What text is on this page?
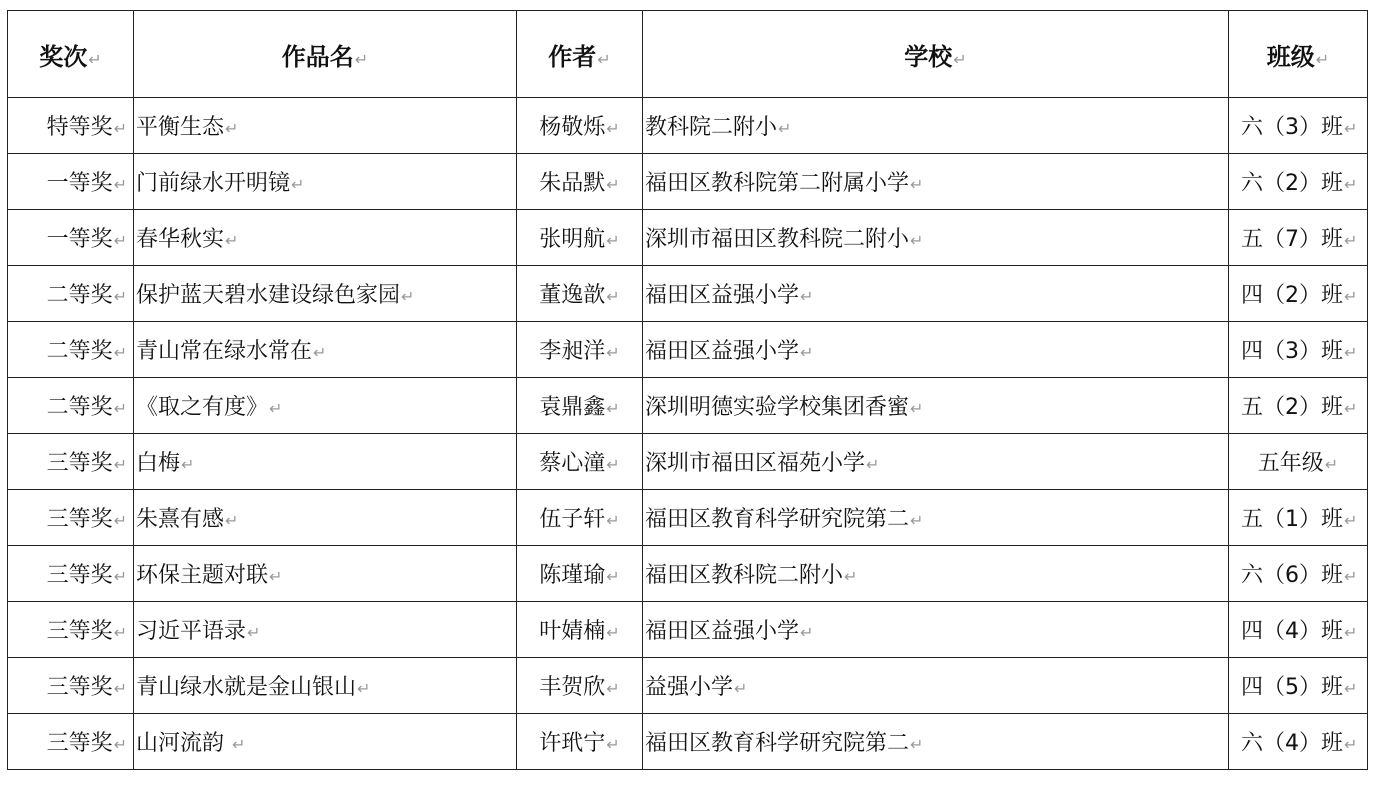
奖次↵	作品名↵	作者↵	学校↵	班级↵
特等奖↵	平衡生态↵	杨敬烁↵	教科院二附小↵	六（3）班↵
一等奖↵	门前绿水开明镜↵	朱品默↵	福田区教科院第二附属小学↵	六（2）班↵
一等奖↵	春华秋实↵	张明航↵	深圳市福田区教科院二附小↵	五（7）班↵
二等奖↵	保护蓝天碧水建设绿色家园↵	董逸歆↵	福田区益强小学↵	四（2）班↵
二等奖↵	青山常在绿水常在↵	李昶洋↵	福田区益强小学↵	四（3）班↵
二等奖↵	《取之有度》↵	袁鼎鑫↵	深圳明德实验学校集团香蜜↵	五（2）班↵
三等奖↵	白梅↵	蔡心潼↵	深圳市福田区福苑小学↵	五年级↵
三等奖↵	朱熹有感↵	伍子轩↵	福田区教育科学研究院第二↵	五（1）班↵
三等奖↵	环保主题对联↵	陈瑾瑜↵	福田区教科院二附小↵	六（6）班↵
三等奖↵	习近平语录↵	叶婧楠↵	福田区益强小学↵	四（4）班↵
三等奖↵	青山绿水就是金山银山↵	丰贺欣↵	益强小学↵	四（5）班↵
三等奖↵	山河流韵 ↵	许玳宁↵	福田区教育科学研究院第二↵	六（4）班↵
